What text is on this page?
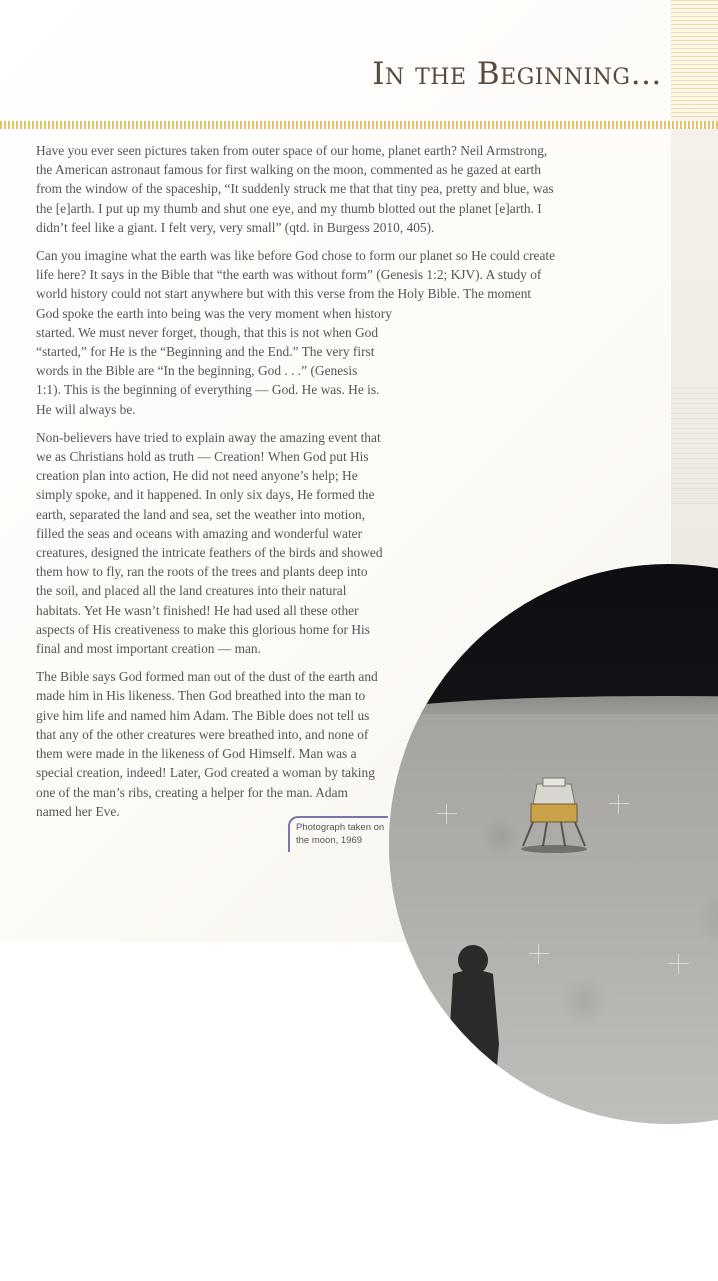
In the Beginning…

Have you ever seen pictures taken from outer space of our home, planet earth? Neil Armstrong, the American astronaut famous for first walking on the moon, commented as he gazed at earth from the window of the spaceship, “It suddenly struck me that that tiny pea, pretty and blue, was the [e]arth. I put up my thumb and shut one eye, and my thumb blotted out the planet [e]arth. I didn’t feel like a giant. I felt very, very small” (qtd. in Burgess 2010, 405).

Can you imagine what the earth was like before God chose to form our planet so He could create life here? It says in the Bible that “the earth was without form” (Genesis 1:2; KJV). A study of world history could not start anywhere but with this verse from the Holy Bible. The moment God spoke the earth into being was the very moment when history started. We must never forget, though, that this is not when God “started,” for He is the “Beginning and the End.” The very first words in the Bible are “In the beginning, God . . .” (Genesis 1:1). This is the beginning of everything — God. He was. He is. He will always be.

Non-believers have tried to explain away the amazing event that we as Christians hold as truth — Creation! When God put His creation plan into action, He did not need anyone’s help; He simply spoke, and it happened. In only six days, He formed the earth, separated the land and sea, set the weather into motion, filled the seas and oceans with amazing and wonderful water creatures, designed the intricate feathers of the birds and showed them how to fly, ran the roots of the trees and plants deep into the soil, and placed all the land creatures into their natural habitats. Yet He wasn’t finished! He had used all these other aspects of His creativeness to make this glorious home for His final and most important creation — man.

The Bible says God formed man out of the dust of the earth and made him in His likeness. Then God breathed into the man to give him life and named him Adam. The Bible does not tell us that any of the other creatures were breathed into, and none of them were made in the likeness of God Himself. Man was a special creation, indeed! Later, God created a woman by taking one of the man’s ribs, creating a helper for the man. Adam named her Eve.

Photograph taken on
the moon, 1969
